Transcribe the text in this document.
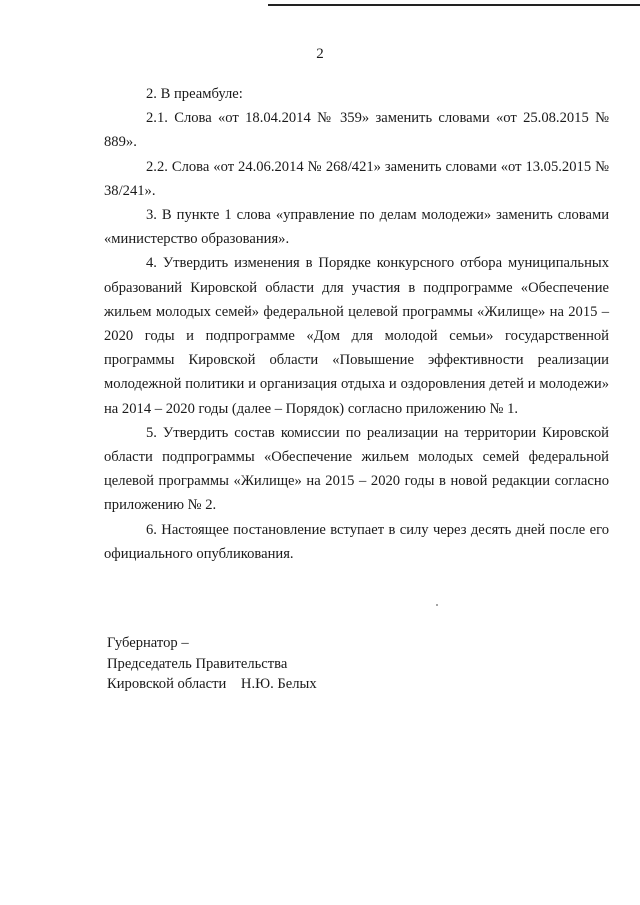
2

2. В преамбуле:

2.1. Слова «от 18.04.2014 № 359» заменить словами «от 25.08.2015 № 889».

2.2. Слова «от 24.06.2014 № 268/421» заменить словами «от 13.05.2015 № 38/241».

3. В пункте 1 слова «управление по делам молодежи» заменить словами «министерство образования».

4. Утвердить изменения в Порядке конкурсного отбора муниципальных образований Кировской области для участия в подпрограмме «Обеспечение жильем молодых семей» федеральной целевой программы «Жилище» на 2015 – 2020 годы и подпрограмме «Дом для молодой семьи» государственной программы Кировской области «Повышение эффективности реализации молодежной политики и организация отдыха и оздоровления детей и молодежи» на 2014 – 2020 годы (далее – Порядок) согласно приложению № 1.

5. Утвердить состав комиссии по реализации на территории Кировской области подпрограммы «Обеспечение жильем молодых семей федеральной целевой программы «Жилище» на 2015 – 2020 годы в новой редакции согласно приложению № 2.

6. Настоящее постановление вступает в силу через десять дней после его официального опубликования.

Губернатор –
Председатель Правительства
Кировской области    Н.Ю. Белых
